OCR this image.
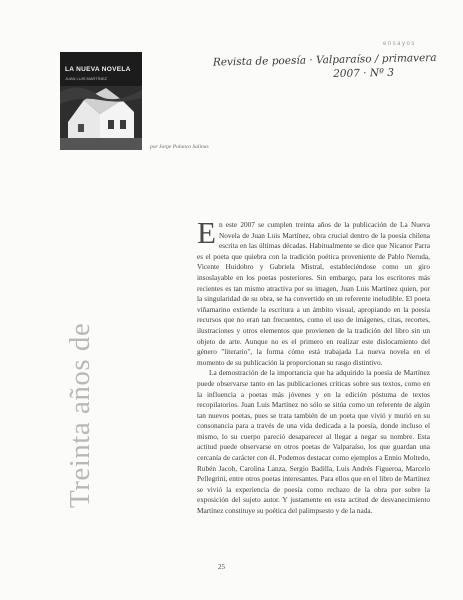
ensayos
Revista de poesía · Valparaíso / primavera
2007 · Nº 3
LA NUEVA NOVELA
JUAN LUIS MARTÍNEZ
por Jorge Polanco Salinas
Treinta años de

En este 2007 se cumplen treinta años de la publicación de La Nueva Novela de Juan Luis Martínez, obra crucial dentro de la poesía chilena escrita en las últimas décadas. Habitualmente se dice que Nicanor Parra es el poeta que quiebra con la tradición poética proveniente de Pablo Neruda, Vicente Huidobro y Gabriela Mistral, estableciéndose como un giro insoslayable en los poetas posteriores. Sin embargo, para los escritores más recientes es tan mismo atractiva por su imagen, Juan Luis Martínez quien, por la singularidad de su obra, se ha convertido en un referente ineludible. El poeta viñamarino extiende la escritura a un ámbito visual, apropiando en la poesía recursos que no eran tan frecuentes, como el uso de imágenes, citas, recortes, ilustraciones y otros elementos que provienen de la tradición del libro sin un objeto de arte. Aunque no es el primero en realizar este dislocamiento del género "literario", la forma cómo está trabajada La nueva novela en el momento de su publicación la proporcionan su rasgo distintivo.

La demostración de la importancia que ha adquirido la poesía de Martínez puede observarse tanto en las publicaciones críticas sobre sus textos, como en la influencia a poetas más jóvenes y en la edición póstuma de textos recopilatorios. Juan Luis Martínez no sólo se sitúa como un referente de algún tan nuevos poetas, pues se trata también de un poeta que vivió y murió en su consonancia para a través de una vida dedicada a la poesía, donde incluso el mismo, lo su cuerpo pareció desaparecer al llegar a negar su nombre. Esta actitud puede observarse en otros poetas de Valparaíso, los que guardan una cercanía de carácter con él. Podemos destacar como ejemplos a Ennio Moltedo, Rubén Jacob, Carolina Lanza, Sergio Badilla, Luis Andrés Figueroa, Marcelo Pellegrini, entre otros poetas interesantes. Para ellos que en el libro de Martínez se vivió la experiencia de poesía como rechazo de la obra por sobre la exposición del sujeto autor. Y justamente en esta actitud de desvanecimiento Martínez constituye su poética del palimpsesto y de la nada.

25
